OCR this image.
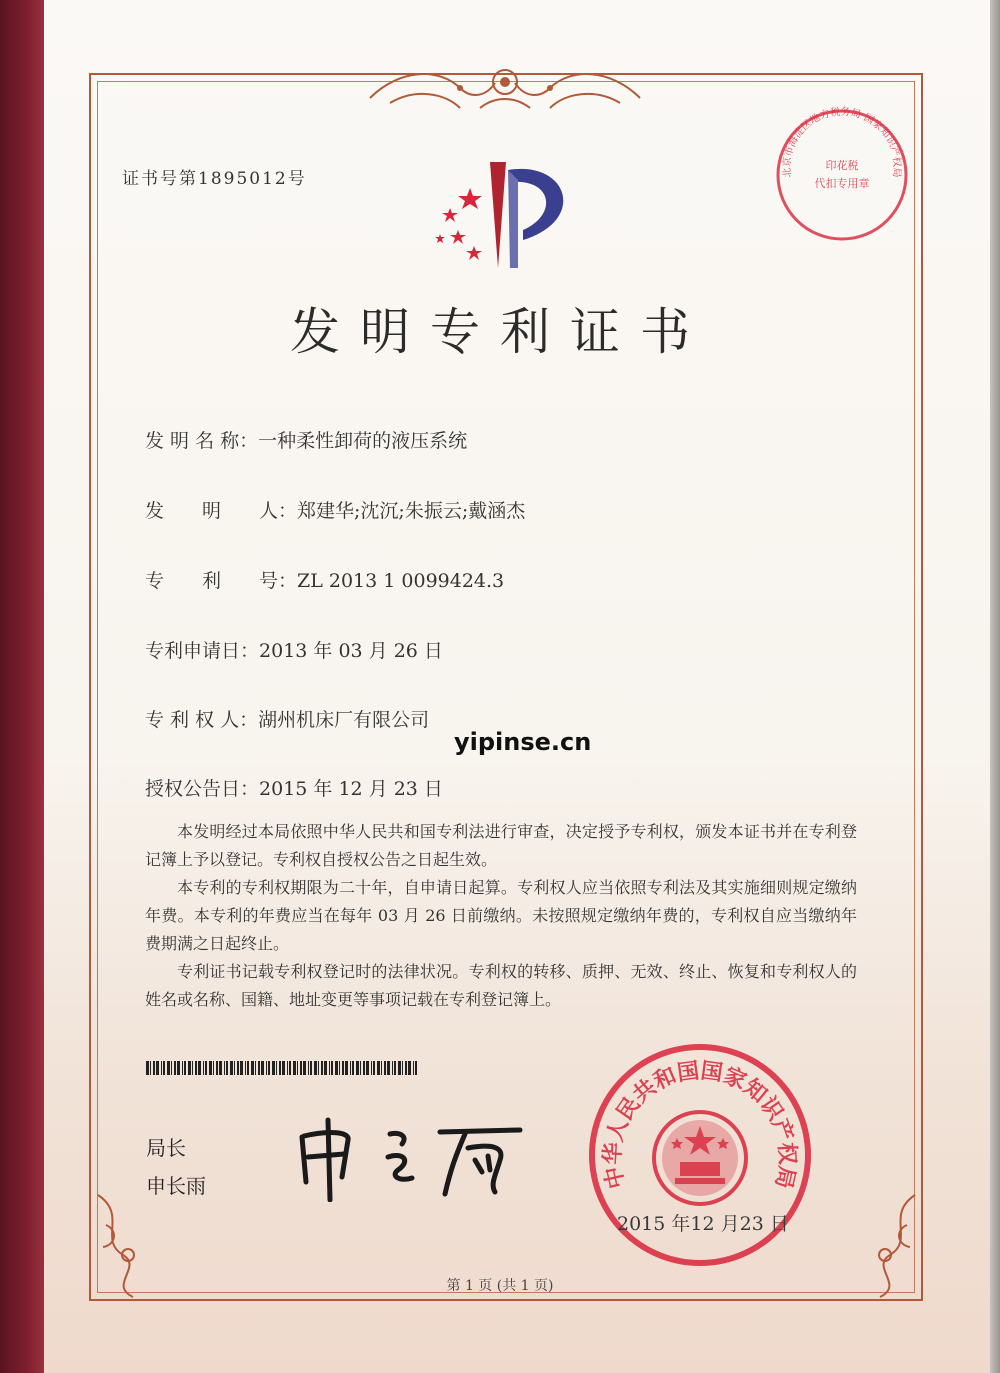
证书号第1895012号
发明专利证书
发 明 名 称：一种柔性卸荷的液压系统
发　　明　　人：郑建华;沈沉;朱振云;戴涵杰
专　　利　　号：ZL 2013 1 0099424.3
专利申请日：2013 年 03 月 26 日
专 利 权 人：湖州机床厂有限公司
授权公告日：2015 年 12 月 23 日
yipinse.cn

本发明经过本局依照中华人民共和国专利法进行审查，决定授予专利权，颁发本证书并在专利登记簿上予以登记。专利权自授权公告之日起生效。

本专利的专利权期限为二十年，自申请日起算。专利权人应当依照专利法及其实施细则规定缴纳年费。本专利的年费应当在每年 03 月 26 日前缴纳。未按照规定缴纳年费的，专利权自应当缴纳年费期满之日起终止。

专利证书记载专利权登记时的法律状况。专利权的转移、质押、无效、终止、恢复和专利权人的姓名或名称、国籍、地址变更等事项记载在专利登记簿上。

局长
申长雨	中华人民共和国国家知识产权局
2015 年12 月23 日
北京市海淀区地方税务局 国家知识产权局
印花税
代扣专用章
第 1 页 (共 1 页)
